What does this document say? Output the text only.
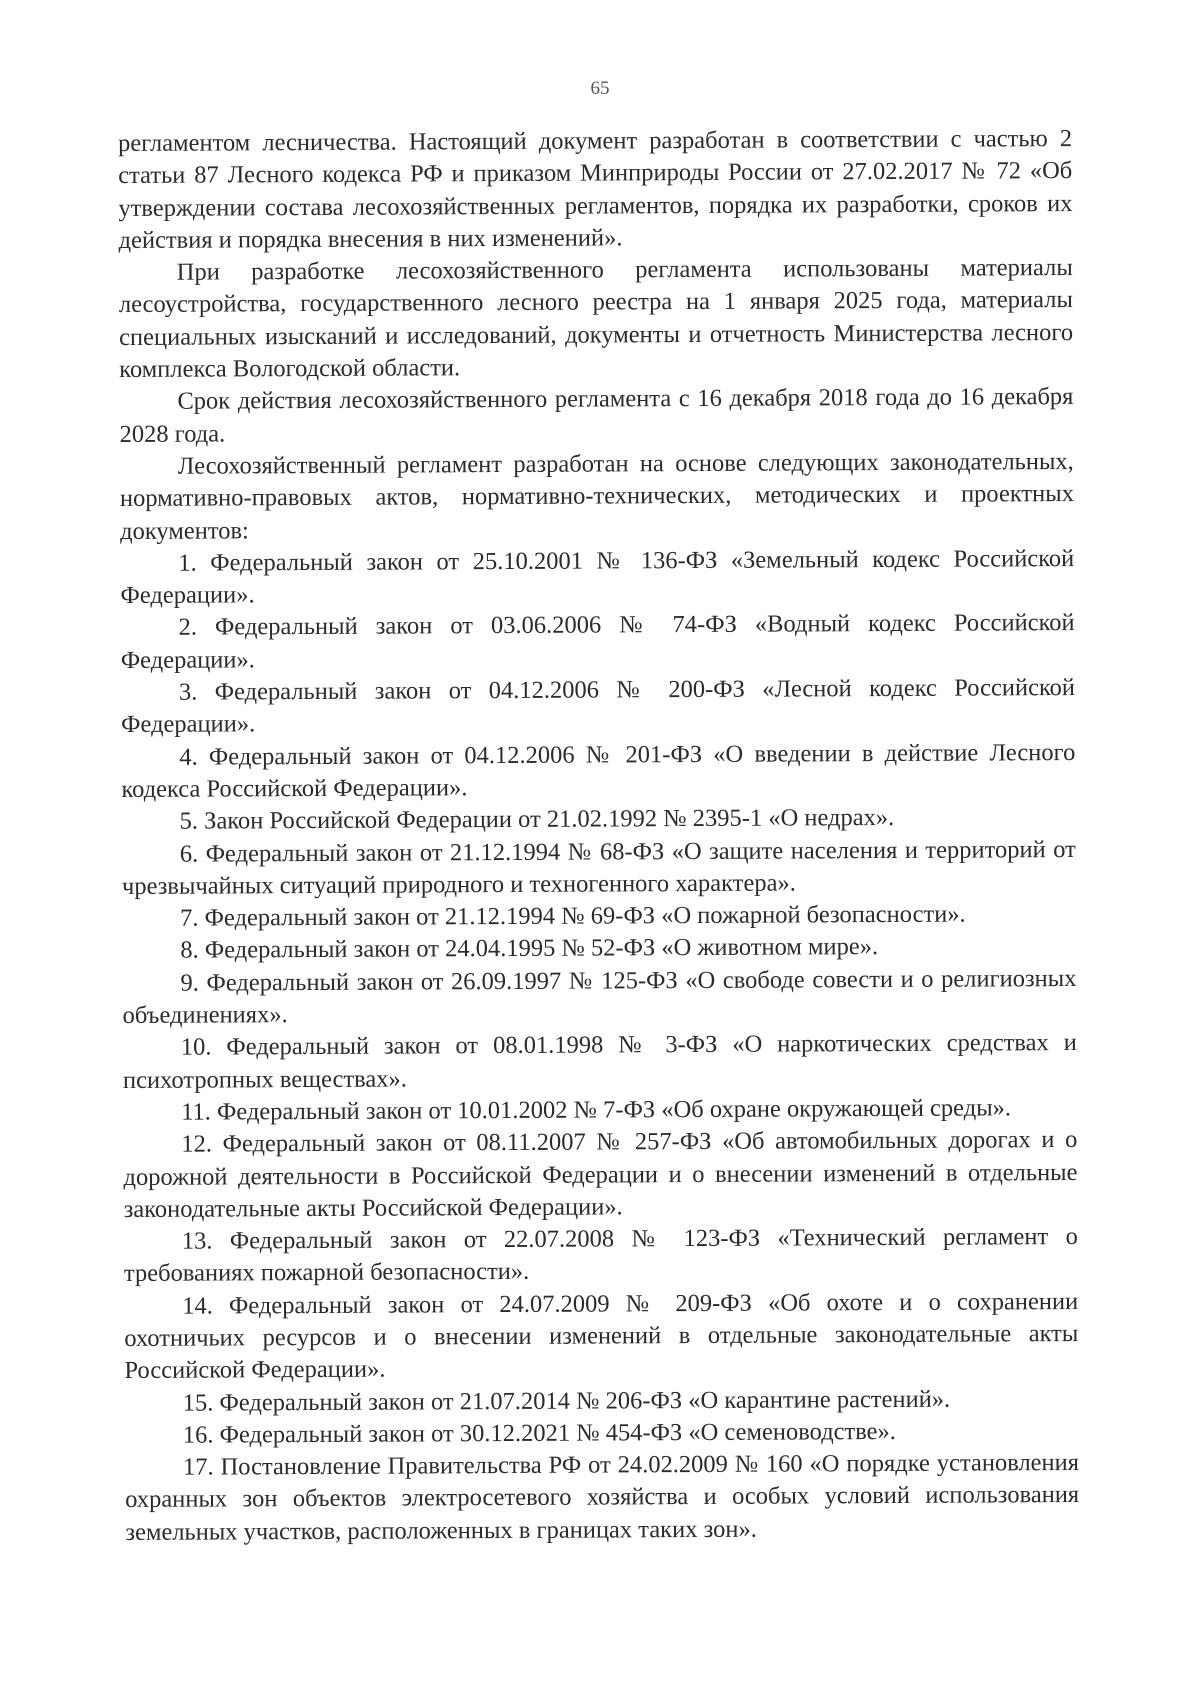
65

регламентом лесничества. Настоящий документ разработан в соответствии с частью 2 статьи 87 Лесного кодекса РФ и приказом Минприроды России от 27.02.2017 № 72 «Об утверждении состава лесохозяйственных регламентов, порядка их разработки, сроков их действия и порядка внесения в них изменений».

При разработке лесохозяйственного регламента использованы материалы лесоустройства, государственного лесного реестра на 1 января 2025 года, материалы специальных изысканий и исследований, документы и отчетность Министерства лесного комплекса Вологодской области.

Срок действия лесохозяйственного регламента с 16 декабря 2018 года до 16 декабря 2028 года.

Лесохозяйственный регламент разработан на основе следующих законодательных, нормативно-правовых актов, нормативно-технических, методических и проектных документов:

1. Федеральный закон от 25.10.2001 № 136-ФЗ «Земельный кодекс Российской Федерации».

2. Федеральный закон от 03.06.2006 № 74-ФЗ «Водный кодекс Российской Федерации».

3. Федеральный закон от 04.12.2006 № 200-ФЗ «Лесной кодекс Российской Федерации».

4. Федеральный закон от 04.12.2006 № 201-ФЗ «О введении в действие Лесного кодекса Российской Федерации».

5. Закон Российской Федерации от 21.02.1992 № 2395-1 «О недрах».

6. Федеральный закон от 21.12.1994 № 68-ФЗ «О защите населения и территорий от чрезвычайных ситуаций природного и техногенного характера».

7. Федеральный закон от 21.12.1994 № 69-ФЗ «О пожарной безопасности».

8. Федеральный закон от 24.04.1995 № 52-ФЗ «О животном мире».

9. Федеральный закон от 26.09.1997 № 125-ФЗ «О свободе совести и о религиозных объединениях».

10. Федеральный закон от 08.01.1998 № 3-ФЗ «О наркотических средствах и психотропных веществах».

11. Федеральный закон от 10.01.2002 № 7-ФЗ «Об охране окружающей среды».

12. Федеральный закон от 08.11.2007 № 257-ФЗ «Об автомобильных дорогах и о дорожной деятельности в Российской Федерации и о внесении изменений в отдельные законодательные акты Российской Федерации».

13. Федеральный закон от 22.07.2008 № 123-ФЗ «Технический регламент о требованиях пожарной безопасности».

14. Федеральный закон от 24.07.2009 № 209-ФЗ «Об охоте и о сохранении охотничьих ресурсов и о внесении изменений в отдельные законодательные акты Российской Федерации».

15. Федеральный закон от 21.07.2014 № 206-ФЗ «О карантине растений».

16. Федеральный закон от 30.12.2021 № 454-ФЗ «О семеноводстве».

17. Постановление Правительства РФ от 24.02.2009 № 160 «О порядке установления охранных зон объектов электросетевого хозяйства и особых условий использования земельных участков, расположенных в границах таких зон».
